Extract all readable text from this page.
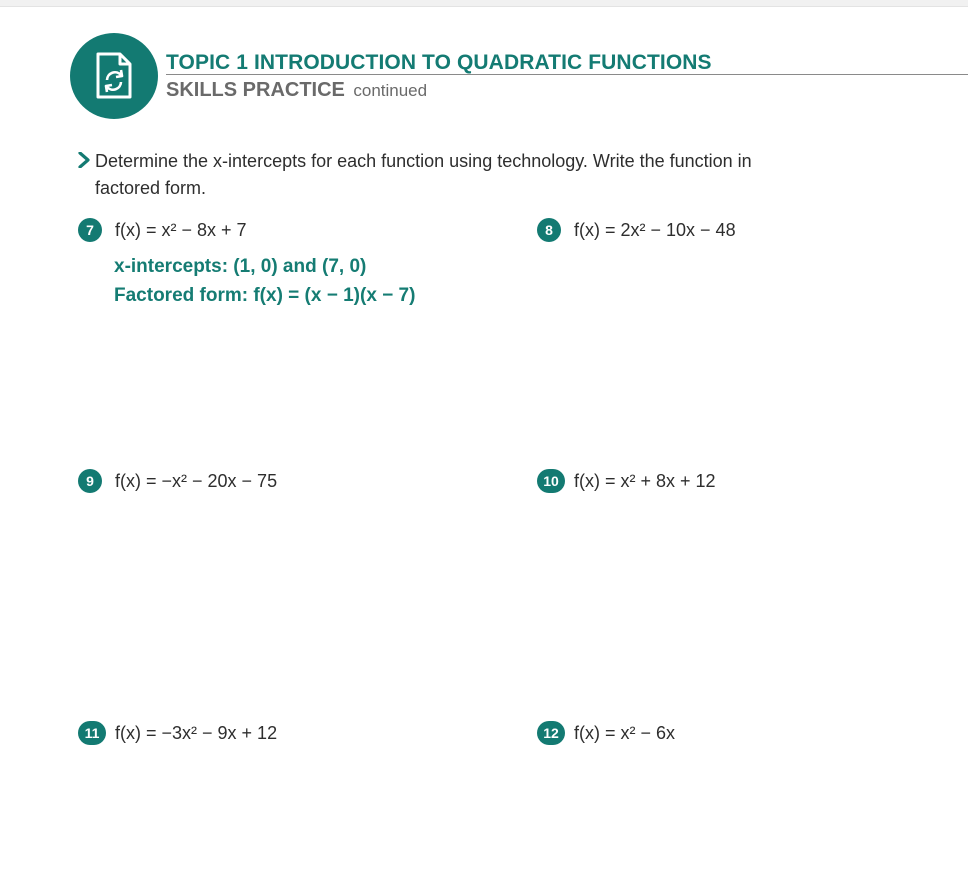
TOPIC 1 INTRODUCTION TO QUADRATIC FUNCTIONS
SKILLS PRACTICE continued
Determine the x-intercepts for each function using technology. Write the function in
factored form.
7	f(x) = x² − 8x + 7
x-intercepts: (1, 0) and (7, 0)
Factored form: f(x) = (x − 1)(x − 7)
8	f(x) = 2x² − 10x − 48
9	f(x) = −x² − 20x − 75	10 f(x) = x² + 8x + 12
11 f(x) = −3x² − 9x + 12	12 f(x) = x² − 6x
